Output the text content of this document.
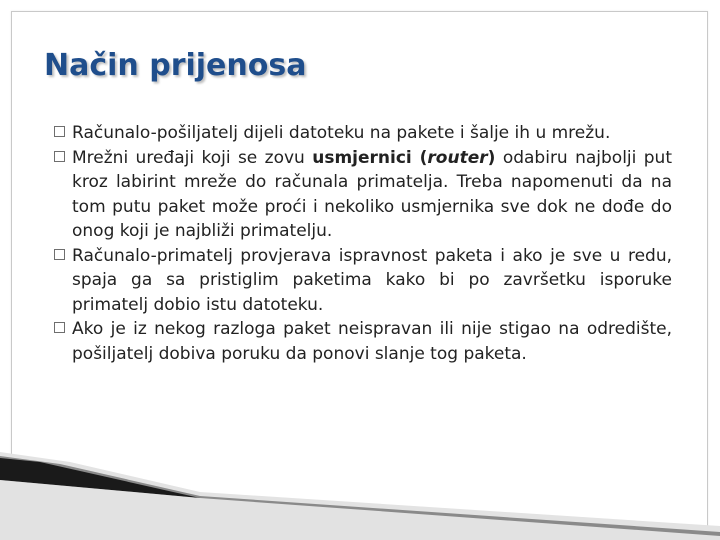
Način prijenosa
Računalo-pošiljatelj dijeli datoteku na pakete i šalje ih u mrežu.
Mrežni uređaji koji se zovu usmjernici (router) odabiru najbolji put kroz labirint mreže do računala primatelja. Treba napomenuti da na tom putu paket može proći i nekoliko usmjernika sve dok ne dođe do onog koji je najbliži primatelju.
Računalo-primatelj provjerava ispravnost paketa i ako je sve u redu, spaja ga sa pristiglim paketima kako bi po završetku isporuke primatelj dobio istu datoteku.
Ako je iz nekog razloga paket neispravan ili nije stigao na odredište, pošiljatelj dobiva poruku da ponovi slanje tog paketa.
